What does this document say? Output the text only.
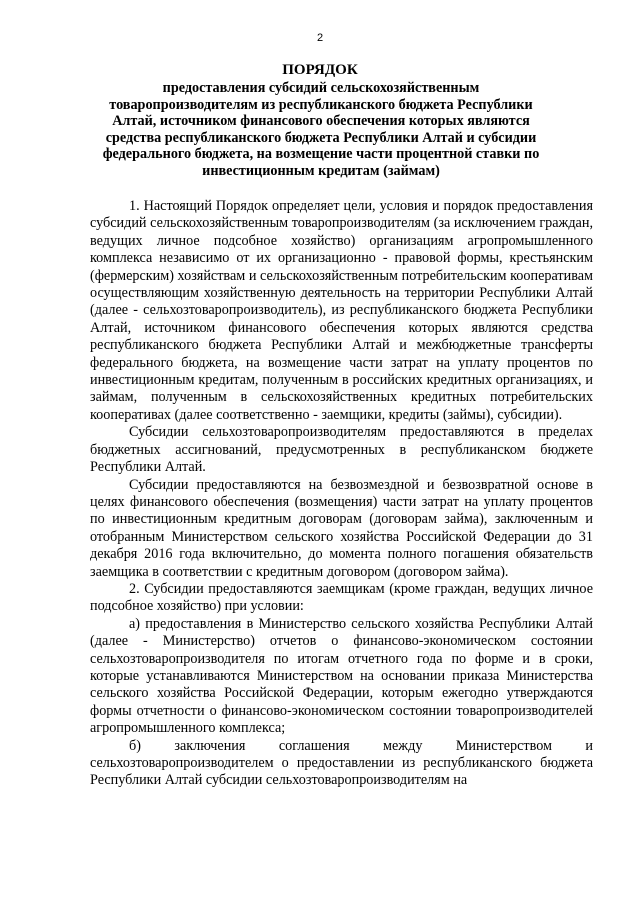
2
ПОРЯДОК
предоставления субсидий сельскохозяйственным товаропроизводителям из республиканского бюджета Республики Алтай, источником финансового обеспечения которых являются средства республиканского бюджета Республики Алтай и субсидии федерального бюджета, на возмещение части процентной ставки по инвестиционным кредитам (займам)

1. Настоящий Порядок определяет цели, условия и порядок предоставления субсидий сельскохозяйственным товаропроизводителям (за исключением граждан, ведущих личное подсобное хозяйство) организациям агропромышленного комплекса независимо от их организационно - правовой формы, крестьянским (фермерским) хозяйствам и сельскохозяйственным потребительским кооперативам осуществляющим хозяйственную деятельность на территории Республики Алтай (далее - сельхозтоваропроизводитель), из республиканского бюджета Республики Алтай, источником финансового обеспечения которых являются средства республиканского бюджета Республики Алтай и межбюджетные трансферты федерального бюджета, на возмещение части затрат на уплату процентов по инвестиционным кредитам, полученным в российских кредитных организациях, и займам, полученным в сельскохозяйственных кредитных потребительских кооперативах (далее соответственно - заемщики, кредиты (займы), субсидии).

Субсидии сельхозтоваропроизводителям предоставляются в пределах бюджетных ассигнований, предусмотренных в республиканском бюджете Республики Алтай.

Субсидии предоставляются на безвозмездной и безвозвратной основе в целях финансового обеспечения (возмещения) части затрат на уплату процентов по инвестиционным кредитным договорам (договорам займа), заключенным и отобранным Министерством сельского хозяйства Российской Федерации до 31 декабря 2016 года включительно, до момента полного погашения обязательств заемщика в соответствии с кредитным договором (договором займа).

2. Субсидии предоставляются заемщикам (кроме граждан, ведущих личное подсобное хозяйство) при условии:

а) предоставления в Министерство сельского хозяйства Республики Алтай (далее - Министерство) отчетов о финансово-экономическом состоянии сельхозтоваропроизводителя по итогам отчетного года по форме и в сроки, которые устанавливаются Министерством на основании приказа Министерства сельского хозяйства Российской Федерации, которым ежегодно утверждаются формы отчетности о финансово-экономическом состоянии товаропроизводителей агропромышленного комплекса;

б) заключения соглашения между Министерством и сельхозтоваропроизводителем о предоставлении из республиканского бюджета Республики Алтай субсидии сельхозтоваропроизводителям на
